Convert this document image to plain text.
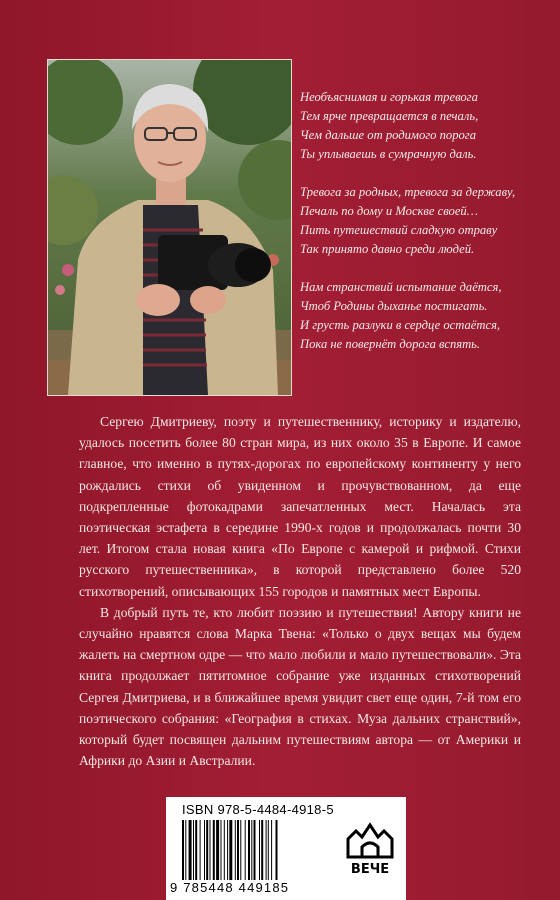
Необъяснимая и горькая тревога
Тем ярче превращается в печаль,
Чем дальше от родимого порога
Ты уплываешь в сумрачную даль.
Тревога за родных, тревога за державу,
Печаль по дому и Москве своей…
Пить путешествий сладкую отраву
Так принято давно среди людей.
Нам странствий испытание даётся,
Чтоб Родины дыханье постигать.
И грусть разлуки в сердце остаётся,
Пока не повернёт дорога вспять.

Сергею Дмитриеву, поэту и путешественнику, историку и издателю, удалось посетить более 80 стран мира, из них около 35 в Европе. И самое главное, что именно в путях-дорогах по европейскому континенту у него рождались стихи об увиденном и прочувствованном, да еще подкрепленные фотокадрами запечатленных мест. Началась эта поэтическая эстафета в середине 1990-х годов и продолжалась почти 30 лет. Итогом стала новая книга «По Европе с камерой и рифмой. Стихи русского путешественника», в которой представлено более 520 стихотворений, описывающих 155 городов и памятных мест Европы.

В добрый путь те, кто любит поэзию и путешествия! Автору книги не случайно нравятся слова Марка Твена: «Только о двух вещах мы будем жалеть на смертном одре — что мало любили и мало путешествовали». Эта книга продолжает пятитомное собрание уже изданных стихотворений Сергея Дмитриева, и в ближайшее время увидит свет еще один, 7-й том его поэтического собрания: «География в стихах. Муза дальних странствий», который будет посвящен дальним путешествиям автора — от Америки и Африки до Азии и Австралии.

ISBN 978-5-4484-4918-5
9 785448 449185
ВЕЧЕ
